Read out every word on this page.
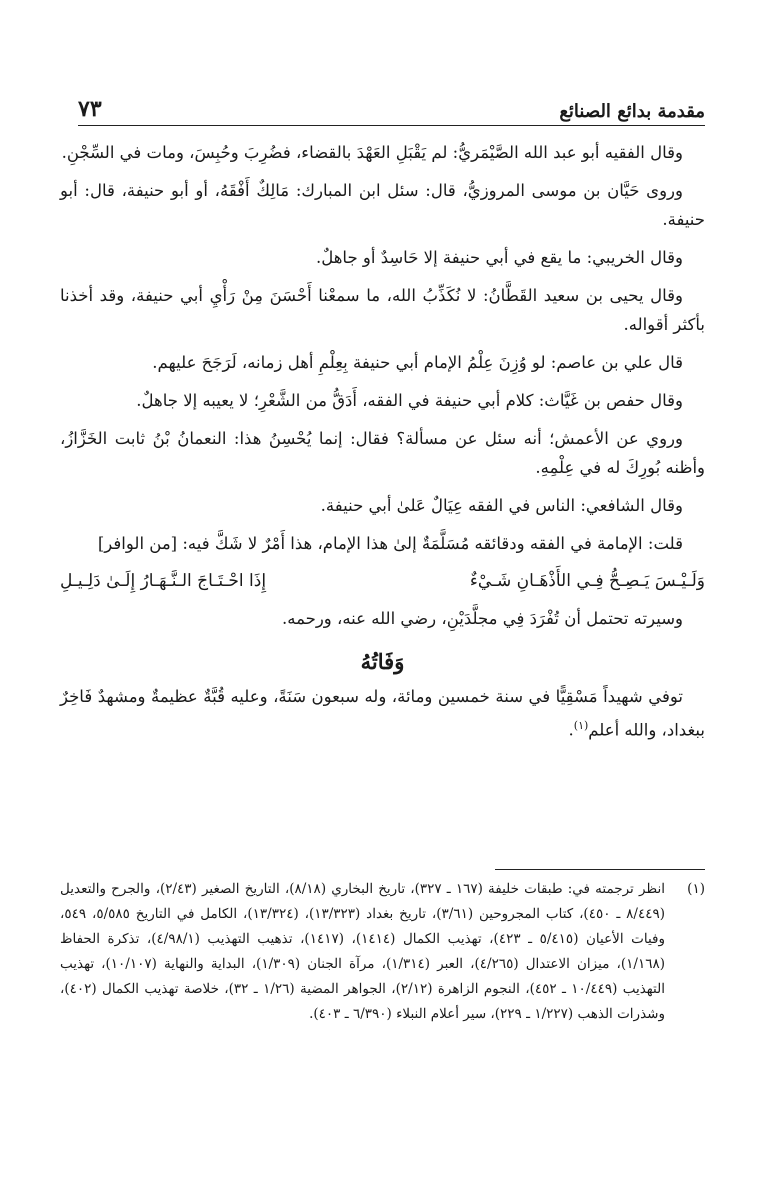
مقدمة بدائع الصنائع
٧٣

وقال الفقيه أبو عبد الله الصَّيْمَريُّ: لم يَقْبَلِ العَهْدَ بالقضاء، فضُرِبَ وحُبِسَ، ومات في السِّجْنِ.

وروى حَيَّان بن موسى المروزيُّ، قال: سئل ابن المبارك: مَالِكٌ أَفْقَهُ، أو أبو حنيفة، قال: أبو حنيفة.

وقال الخريبي: ما يقع في أبي حنيفة إلا حَاسِدٌ أو جاهلٌ.

وقال يحيى بن سعيد القَطَّانُ: لا نُكَذِّبُ الله، ما سمعْنا أَحْسَنَ مِنْ رَأْيِ أبي حنيفة، وقد أخذنا بأكثر أقواله.

قال علي بن عاصم: لو وُزِنَ عِلْمُ الإمام أبي حنيفة بِعِلْمِ أهل زمانه، لَرَجَحَ عليهم.

وقال حفص بن غَيَّاث: كلام أبي حنيفة في الفقه، أَدَقُّ من الشَّعْرِ؛ لا يعيبه إلا جاهلٌ.

وروي عن الأعمش؛ أنه سئل عن مسألة؟ فقال: إنما يُحْسِنُ هذا: النعمانُ بْنُ ثابت الخَزَّازُ، وأظنه بُورِكَ له في عِلْمِهِ.

وقال الشافعي: الناس في الفقه عِيَالٌ عَلىٰ أبي حنيفة.

قلت: الإمامة في الفقه ودقائقه مُسَلَّمَةٌ إلىٰ هذا الإمام، هذا أَمْرٌ لا شَكَّ فيه: [من الوافر]

وَلَـيْـسَ يَـصِـحُّ فِـي الأَذْهَـانِ شَـيْءٌ
إِذَا احْـتَـاجَ الـنَّـهَـارُ إِلَـىٰ دَلِـيـلِ

وسيرته تحتمل أن تُفْرَدَ فِي مجلَّدَيْنِ، رضي الله عنه، ورحمه.

وَفَاتُهُ

توفي شهيداً مَسْقِيًّا في سنة خمسين ومائة، وله سبعون سَنَةً، وعليه قُبَّةٌ عظيمةٌ ومشهدٌ فَاخِرٌ ببغداد، والله أعلم$^{(١)}$.

(١)
انظر ترجمته في: طبقات خليفة (١٦٧ ـ ٣٢٧)، تاريخ البخاري (٨/١٨)، التاريخ الصغير (٢/٤٣)، والجرح والتعديل (٨/٤٤٩ ـ ٤٥٠)، كتاب المجروحين (٣/٦١)، تاريخ بغداد (١٣/٣٢٣)، (١٣/٣٢٤)، الكامل في التاريخ ٥/٥٨٥، ٥٤٩، وفيات الأعيان (٥/٤١٥ ـ ٤٢٣)، تهذيب الكمال (١٤١٤)، (١٤١٧)، تذهيب التهذيب (٤/٩٨/١)، تذكرة الحفاظ (١/١٦٨)، ميزان الاعتدال (٤/٢٦٥)، العبر (١/٣١٤)، مرآة الجنان (١/٣٠٩)، البداية والنهاية (١٠/١٠٧)، تهذيب التهذيب (١٠/٤٤٩ ـ ٤٥٢)، النجوم الزاهرة (٢/١٢)، الجواهر المضية (١/٢٦ ـ ٣٢)، خلاصة تهذيب الكمال (٤٠٢)، وشذرات الذهب (١/٢٢٧ ـ ٢٢٩)، سير أعلام النبلاء (٦/٣٩٠ ـ ٤٠٣).
